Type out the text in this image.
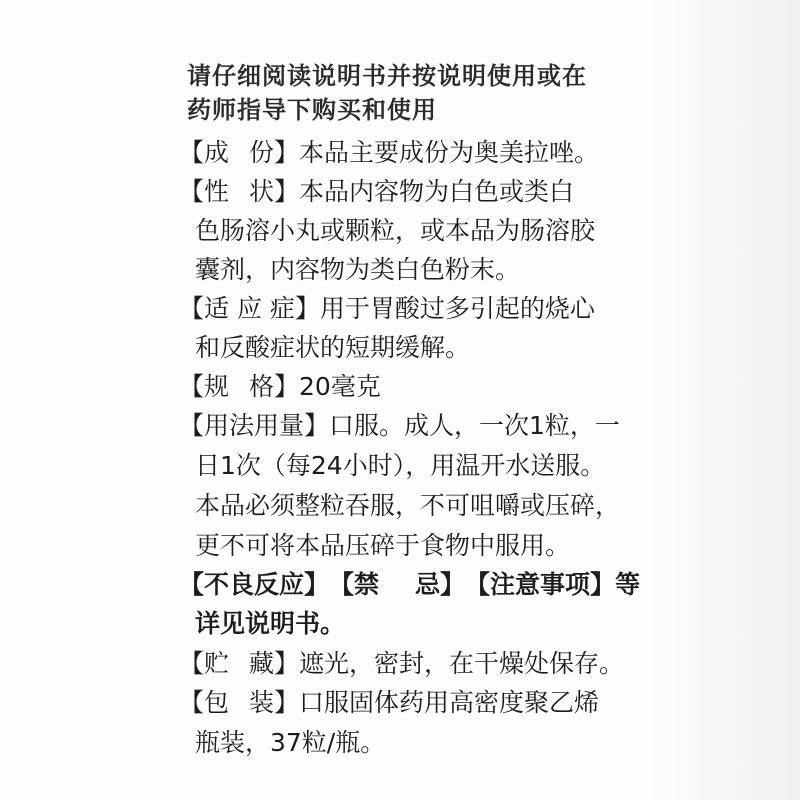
请仔细阅读说明书并按说明使用或在
药师指导下购买和使用
【成 份】本品主要成份为奥美拉唑。
【性 状】本品内容物为白色或类白
色肠溶小丸或颗粒，或本品为肠溶胶
囊剂，内容物为类白色粉末。
【适 应 症】用于胃酸过多引起的烧心
和反酸症状的短期缓解。
【规 格】20毫克
【用法用量】口服。成人，一次1粒，一
日1次（每24小时），用温开水送服。
本品必须整粒吞服，不可咀嚼或压碎，
更不可将本品压碎于食物中服用。
【不良反应】【禁 忌】【注意事项】等
详见说明书。
【贮 藏】遮光，密封，在干燥处保存。
【包 装】口服固体药用高密度聚乙烯
瓶装，37粒/瓶。
